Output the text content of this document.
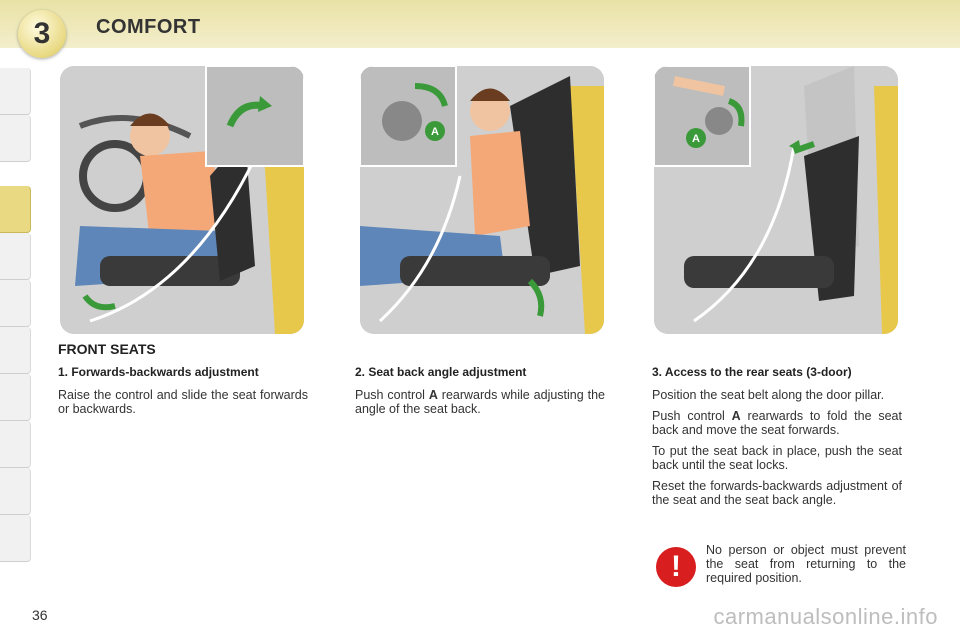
3	COMFORT
A
A
FRONT SEATS
1. Forwards-backwards adjustment

Raise the control and slide the seat forwards or backwards.

2. Seat back angle adjustment

Push control A rearwards while adjusting the angle of the seat back.

3. Access to the rear seats (3-door)

Position the seat belt along the door pillar.

Push control A rearwards to fold the seat back and move the seat forwards.

To put the seat back in place, push the seat back until the seat locks.

Reset the forwards-backwards adjustment of the seat and the seat back angle.

!	No person or object must prevent the seat from returning to the required position.
36	carmanualsonline.info
